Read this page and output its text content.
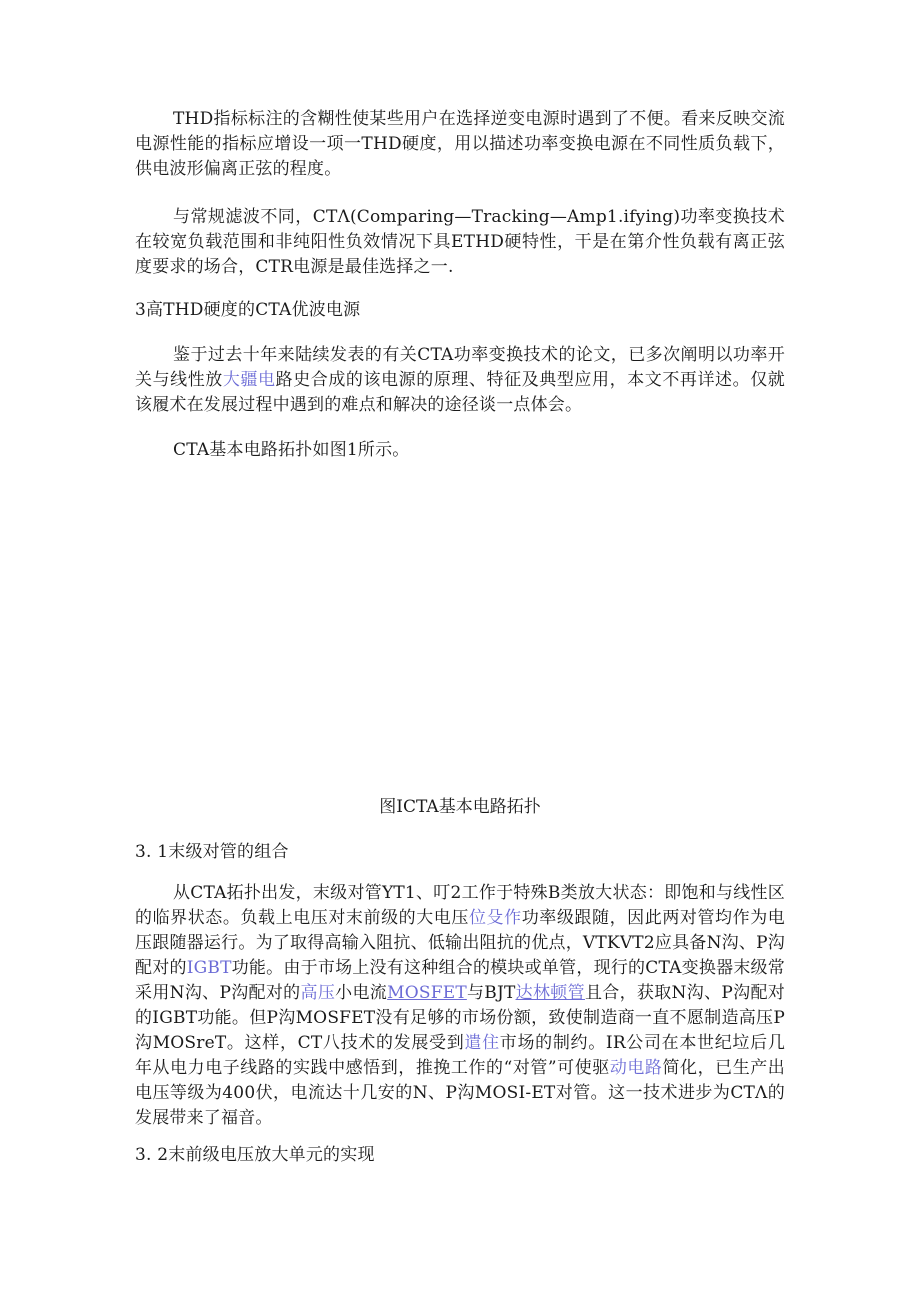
THD指标标注的含糊性使某些用户在选择逆变电源时遇到了不便。看来反映交流电源性能的指标应增设一项一THD硬度，用以描述功率变换电源在不同性质负载下，供电波形偏离正弦的程度。

与常规滤波不同，CTΛ(Comparing—Tracking—Amp1.ifying)功率变换技术在较宽负载范围和非纯阳性负效情况下具ETHD硬特性，干是在第介性负载有离正弦度要求的场合，CTR电源是最佳选择之一.

3高THD硬度的CTA优波电源

鉴于过去十年来陆续发表的有关CTA功率变换技术的论文，已多次阐明以功率开关与线性放大疆电路史合成的该电源的原理、特征及典型应用，本文不再详述。仅就该履术在发展过程中遇到的难点和解决的途径谈一点体会。

CTA基本电路拓扑如图1所示。

图ICTA基本电路拓扑

3. 1末级对管的组合

从CTA拓扑出发，末级对管YT1、叮2工作于特殊B类放大状态：即饱和与线性区的临界状态。负载上电压对末前级的大电压位殳作功率级跟随，因此两对管均作为电压跟随器运行。为了取得高输入阻抗、低输出阻抗的优点，VTKVT2应具备N沟、P沟配对的IGBT功能。由于市场上没有这种组合的模块或单管，现行的CTA变换器末级常采用N沟、P沟配对的高压小电流MOSFET与BJT达林顿管且合，获取N沟、P沟配对的IGBT功能。但P沟MOSFET没有足够的市场份额，致使制造商一直不愿制造高压P沟MOSreT。这样，CT八技术的发展受到遣住市场的制约。IR公司在本世纪垃后几年从电力电子线路的实践中感悟到，推挽工作的“对管”可使驱动电路简化，已生产出电压等级为400伏，电流达十几安的N、P沟MOSI-ET对管。这一技术进步为CTΛ的发展带来了福音。

3. 2末前级电压放大单元的实现
